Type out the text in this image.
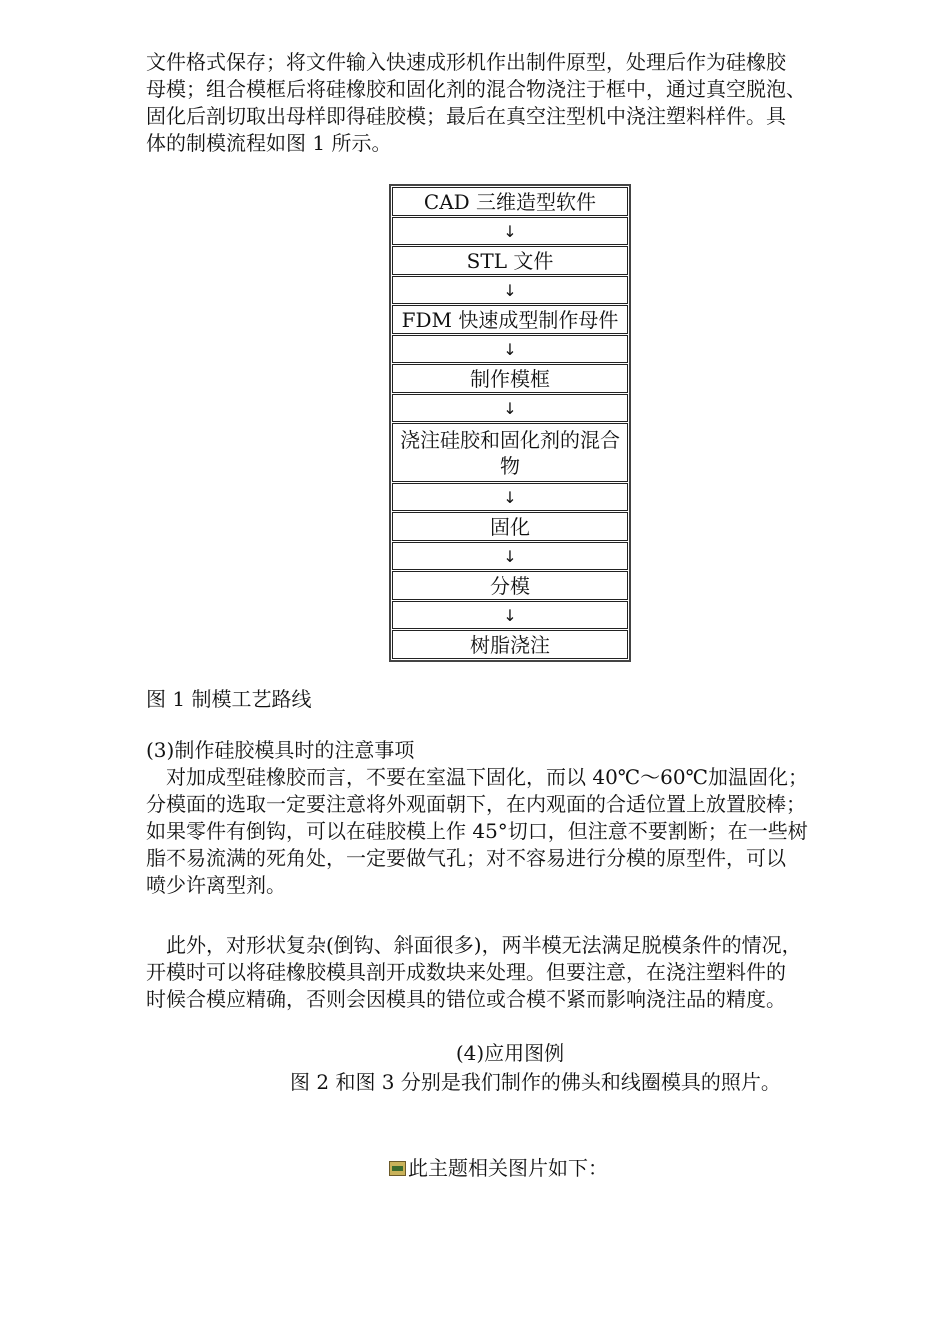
文件格式保存；将文件输入快速成形机作出制件原型，处理后作为硅橡胶
母模；组合模框后将硅橡胶和固化剂的混合物浇注于框中，通过真空脱泡、
固化后剖切取出母样即得硅胶模；最后在真空注型机中浇注塑料样件。具
体的制模流程如图 1 所示。

CAD 三维造型软件
↓
STL 文件
↓
FDM 快速成型制作母件
↓
制作模框
↓
浇注硅胶和固化剂的混合物
↓
固化
↓
分模
↓
树脂浇注
图 1 制模工艺路线

(3)制作硅胶模具时的注意事项
　对加成型硅橡胶而言，不要在室温下固化，而以 40℃～60℃加温固化；
分模面的选取一定要注意将外观面朝下，在内观面的合适位置上放置胶棒；
如果零件有倒钩，可以在硅胶模上作 45°切口，但注意不要割断；在一些树
脂不易流满的死角处，一定要做气孔；对不容易进行分模的原型件，可以
喷少许离型剂。

　此外，对形状复杂(倒钩、斜面很多)，两半模无法满足脱模条件的情况，
开模时可以将硅橡胶模具剖开成数块来处理。但要注意，在浇注塑料件的
时候合模应精确，否则会因模具的错位或合模不紧而影响浇注品的精度。

(4)应用图例
图 2 和图 3 分别是我们制作的佛头和线圈模具的照片。
此主题相关图片如下：
